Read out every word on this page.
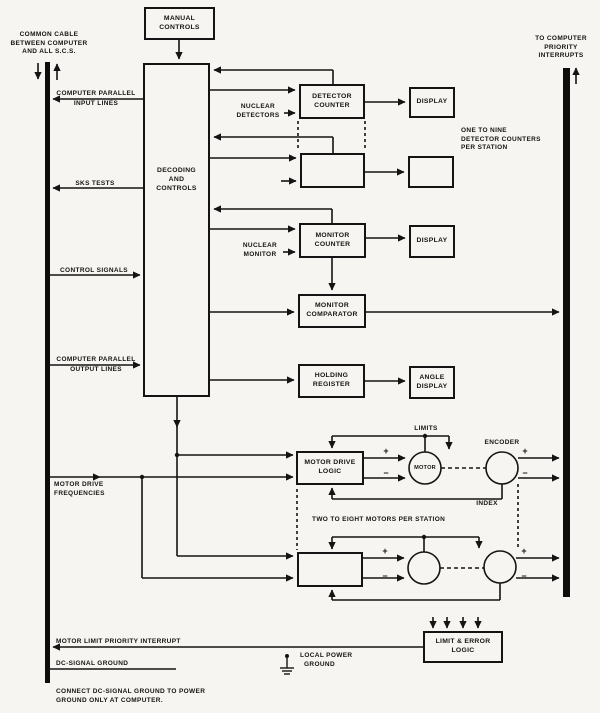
MANUAL
CONTROLS
DECODING
AND
CONTROLS
DETECTOR
COUNTER	DISPLAY
MONITOR
COUNTER	DISPLAY
MONITOR
COMPARATOR
HOLDING
REGISTER
ANGLE
DISPLAY
MOTOR DRIVE
LOGIC
LIMIT & ERROR
LOGIC
MOTOR
COMMON CABLE
BETWEEN COMPUTER
AND ALL S.C.S.
TO COMPUTER
PRIORITY
INTERRUPTS
COMPUTER PARALLEL
INPUT LINES
SKS TESTS
CONTROL SIGNALS
COMPUTER PARALLEL
OUTPUT LINES
NUCLEAR
DETECTORS
NUCLEAR
MONITOR
ONE TO NINE
DETECTOR COUNTERS
PER STATION
MOTOR DRIVE
FREQUENCIES
LIMITS
ENCODER
INDEX
TWO TO EIGHT MOTORS PER STATION
+
−
+
−
+
−
+
−
MOTOR LIMIT PRIORITY INTERRUPT
DC-SIGNAL GROUND
LOCAL POWER
GROUND
CONNECT DC-SIGNAL GROUND TO POWER
GROUND ONLY AT COMPUTER.
